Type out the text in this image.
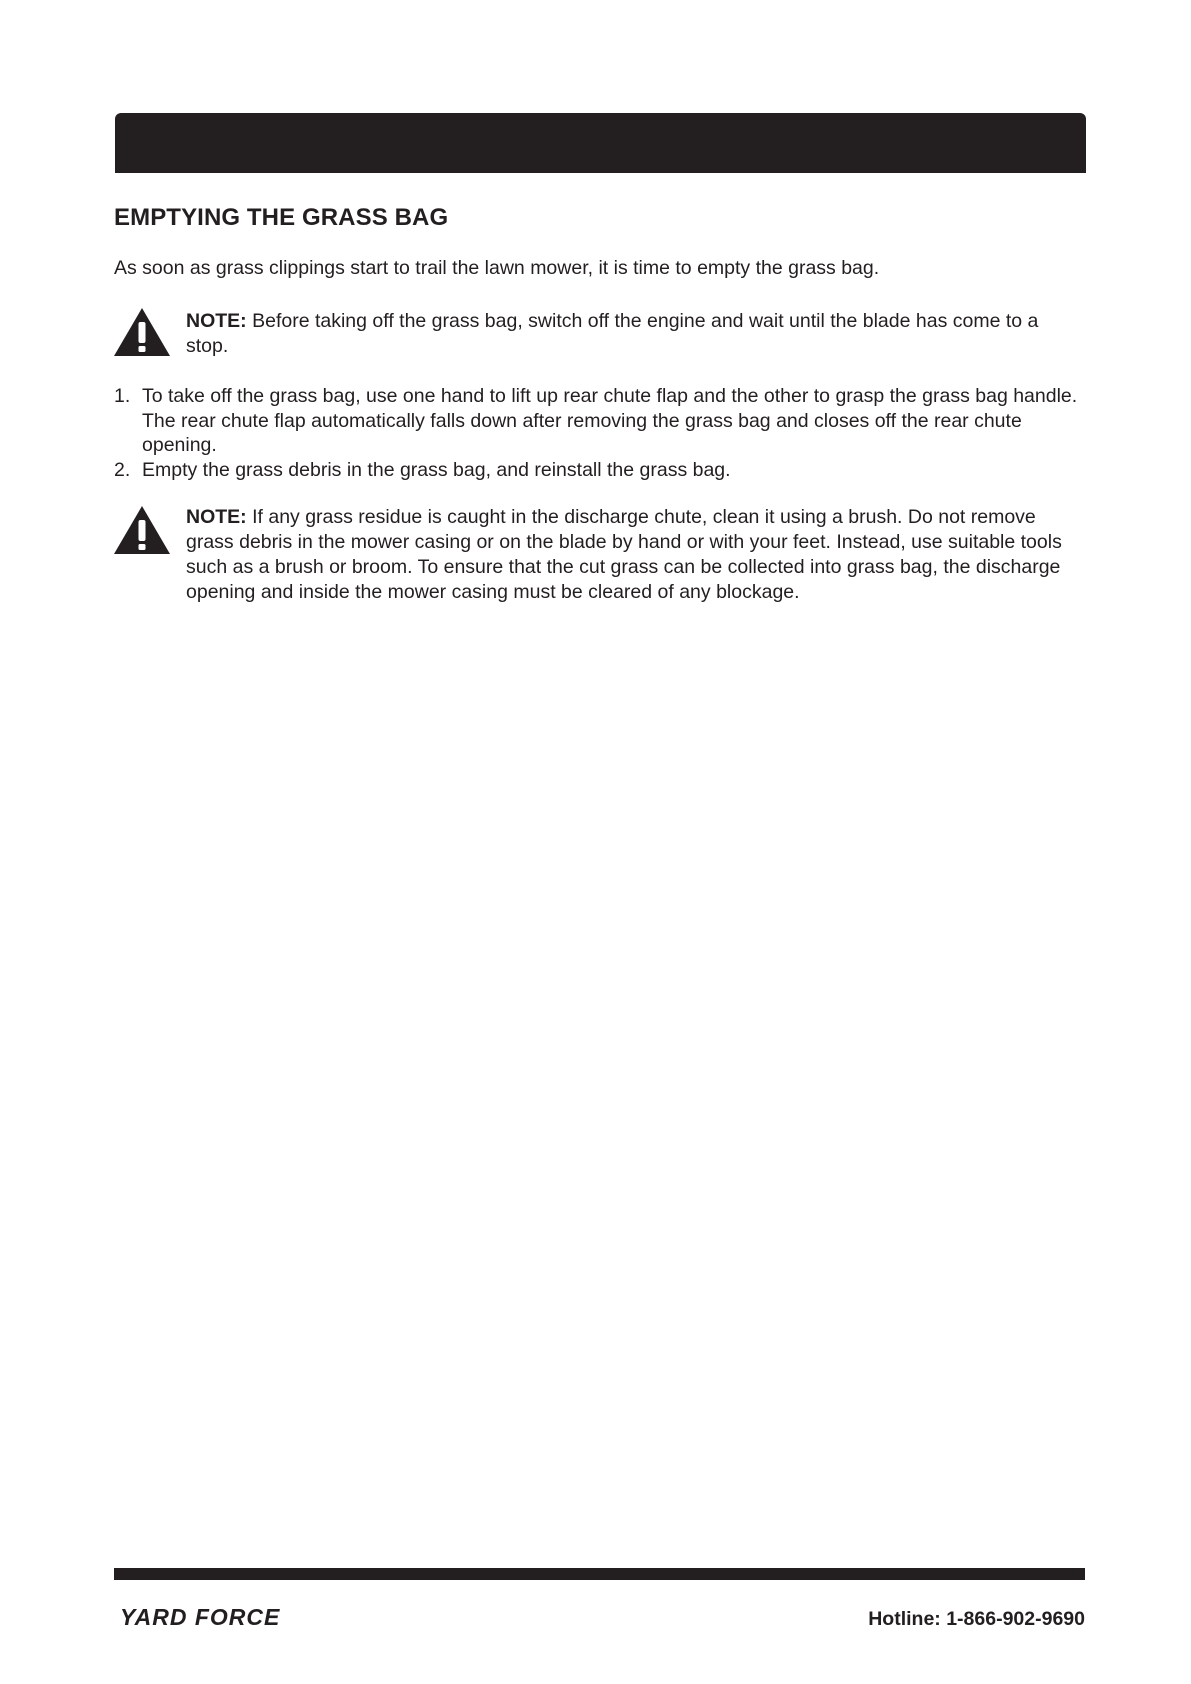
EMPTYING THE GRASS BAG

As soon as grass clippings start to trail the lawn mower, it is time to empty the grass bag.

NOTE: Before taking off the grass bag, switch off the engine and wait until the blade has come to a stop.

1. To take off the grass bag, use one hand to lift up rear chute flap and the other to grasp the grass bag handle. The rear chute flap automatically falls down after removing the grass bag and closes off the rear chute opening.
2. Empty the grass debris in the grass bag, and reinstall the grass bag.

NOTE: If any grass residue is caught in the discharge chute, clean it using a brush. Do not remove grass debris in the mower casing or on the blade by hand or with your feet. Instead, use suitable tools such as a brush or broom. To ensure that the cut grass can be collected into grass bag, the discharge opening and inside the mower casing must be cleared of any blockage.

YARD FORCE	Hotline: 1-866-902-9690
